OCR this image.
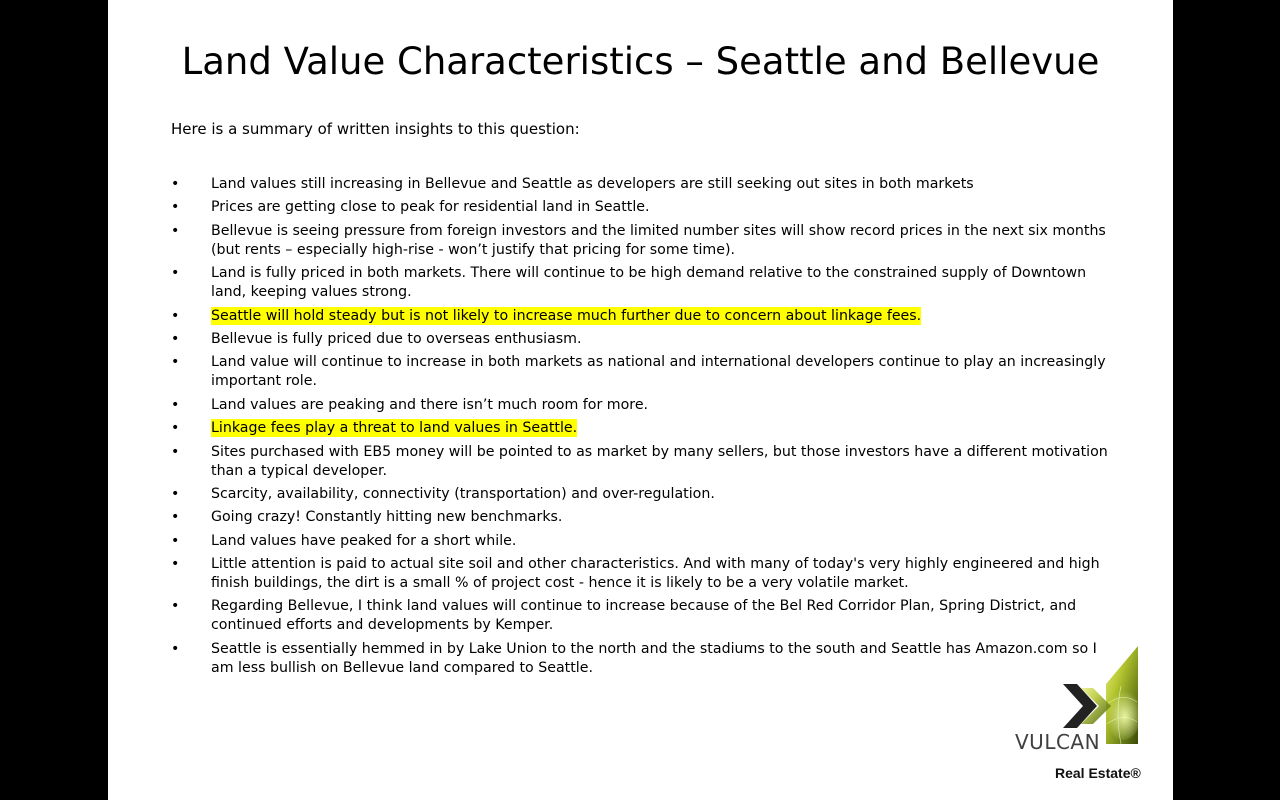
Land Value Characteristics – Seattle and Bellevue
Here is a summary of written insights to this question:
• Land values still increasing in Bellevue and Seattle as developers are still seeking out sites in both markets
• Prices are getting close to peak for residential land in Seattle.
• Bellevue is seeing pressure from foreign investors and the limited number sites will show record prices in the next six months (but rents – especially high-rise - won’t justify that pricing for some time).
• Land is fully priced in both markets. There will continue to be high demand relative to the constrained supply of Downtown land, keeping values strong.
• Seattle will hold steady but is not likely to increase much further due to concern about linkage fees.
• Bellevue is fully priced due to overseas enthusiasm.
• Land value will continue to increase in both markets as national and international developers continue to play an increasingly important role.
• Land values are peaking and there isn’t much room for more.
• Linkage fees play a threat to land values in Seattle.
• Sites purchased with EB5 money will be pointed to as market by many sellers, but those investors have a different motivation than a typical developer.
• Scarcity, availability, connectivity (transportation) and over-regulation.
• Going crazy! Constantly hitting new benchmarks.
• Land values have peaked for a short while.
• Little attention is paid to actual site soil and other characteristics. And with many of today's very highly engineered and high finish buildings, the dirt is a small % of project cost - hence it is likely to be a very volatile market.
• Regarding Bellevue, I think land values will continue to increase because of the Bel Red Corridor Plan, Spring District, and continued efforts and developments by Kemper.
• Seattle is essentially hemmed in by Lake Union to the north and the stadiums to the south and Seattle has Amazon.com so I am less bullish on Bellevue land compared to Seattle.
VULCAN
Real Estate®
